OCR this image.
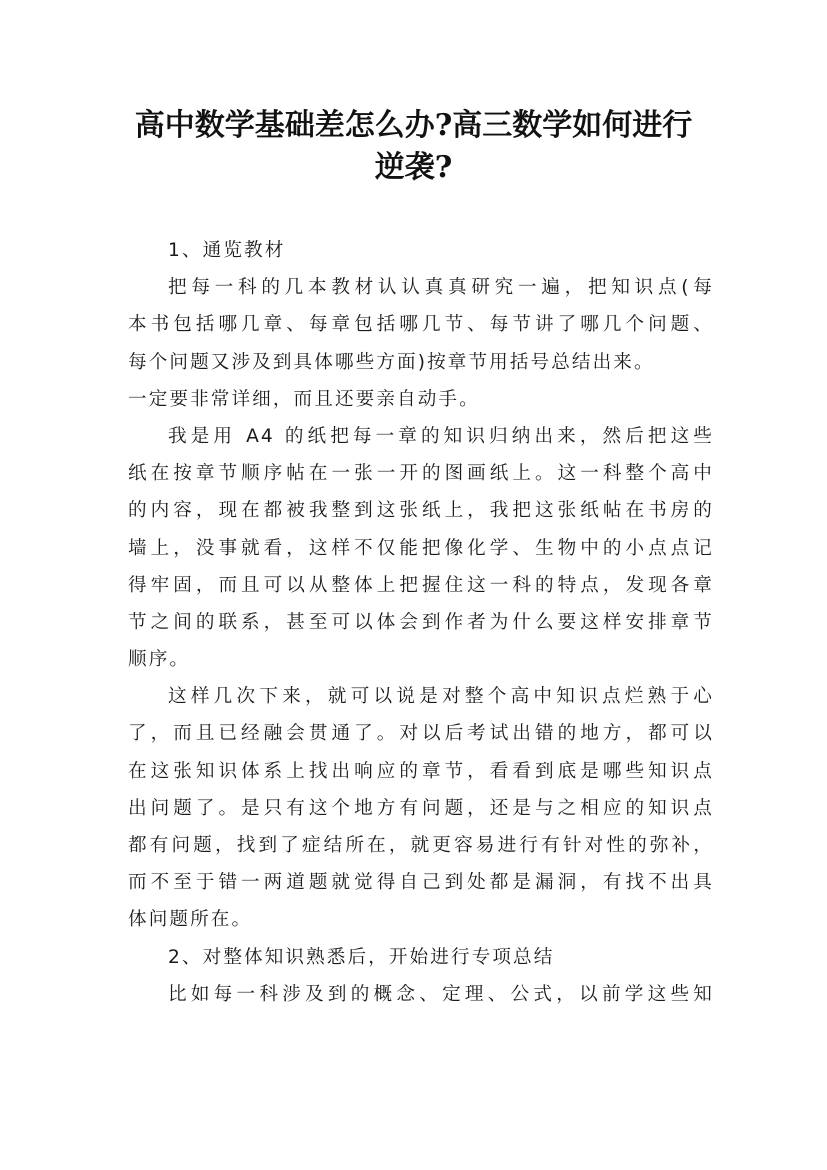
高中数学基础差怎么办?高三数学如何进行
逆袭?
1、通览教材
把每一科的几本教材认认真真研究一遍，把知识点(每
本书包括哪几章、每章包括哪几节、每节讲了哪几个问题、
每个问题又涉及到具体哪些方面)按章节用括号总结出来。
一定要非常详细，而且还要亲自动手。
我是用 A4 的纸把每一章的知识归纳出来，然后把这些
纸在按章节顺序帖在一张一开的图画纸上。这一科整个高中
的内容，现在都被我整到这张纸上，我把这张纸帖在书房的
墙上，没事就看，这样不仅能把像化学、生物中的小点点记
得牢固，而且可以从整体上把握住这一科的特点，发现各章
节之间的联系，甚至可以体会到作者为什么要这样安排章节
顺序。
这样几次下来，就可以说是对整个高中知识点烂熟于心
了，而且已经融会贯通了。对以后考试出错的地方，都可以
在这张知识体系上找出响应的章节，看看到底是哪些知识点
出问题了。是只有这个地方有问题，还是与之相应的知识点
都有问题，找到了症结所在，就更容易进行有针对性的弥补，
而不至于错一两道题就觉得自己到处都是漏洞，有找不出具
体问题所在。
2、对整体知识熟悉后，开始进行专项总结
比如每一科涉及到的概念、定理、公式，以前学这些知
